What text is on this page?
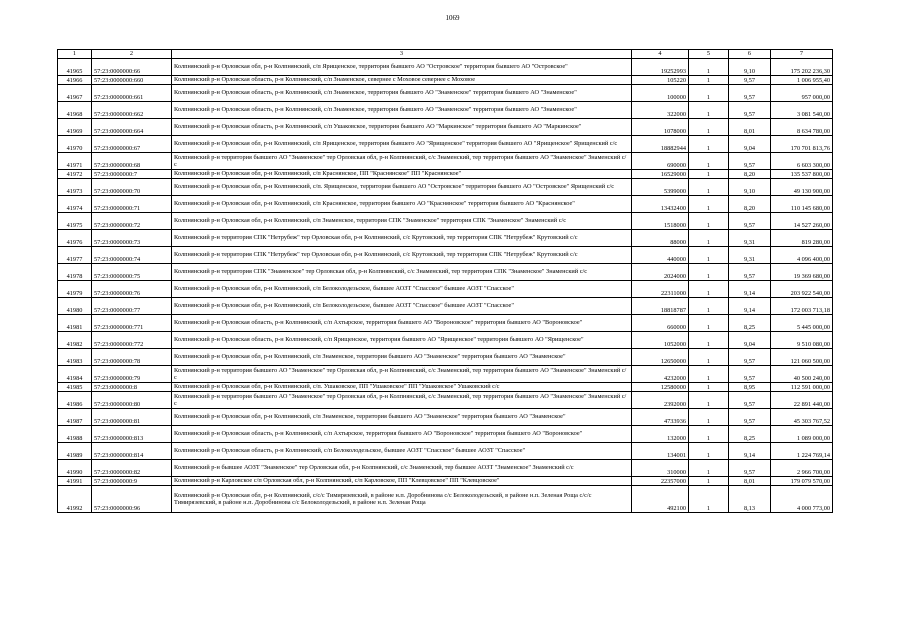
1069
1	2	3	4	5	6	7
41965	57:23:0000000:66	Колпнянский р-н Орловская обл, р-н Колпнянский, с/п Ярищенское, территория бывшего АО "Островское" территория бывшего АО "Островское"	19252993	1	9,10	175 202 236,30
41966	57:23:0000000:660	Колпнянский р-н Орловская область, р-н Колпнянский, с/п Знаменское, севернее с Моховое севернее с Моховое	105220	1	9,57	1 006 955,40
41967	57:23:0000000:661	Колпнянский р-н Орловская область, р-н Колпнянский, с/п Знаменское, территория бывшего АО "Знаменское" территория бывшего АО "Знаменское"	100000	1	9,57	957 000,00
41968	57:23:0000000:662	Колпнянский р-н Орловская область, р-н Колпнянский, с/п Знаменское, территория бывшего АО "Знаменское" территория бывшего АО "Знаменское"	322000	1	9,57	3 081 540,00
41969	57:23:0000000:664	Колпнянский р-н Орловская область, р-н Колпнянский, с/п Ушаковское, территория бывшего АО "Маркинское" территория бывшего АО "Маркинское"	1078000	1	8,01	8 634 780,00
41970	57:23:0000000:67	Колпнянский р-н Орловская обл, р-н Колпнянский, с/п Ярищенское, территория бывшего АО "Ярищенское" территория бывшего АО "Ярищенское" Ярищенский с/с	18882944	1	9,04	170 701 813,76
41971	57:23:0000000:68	Колпнянский р-н территория бывшего АО "Знаменское" тер Орловская обл, р-н Колпнянский, с/с Знаменский, тер территория бывшего АО "Знаменское" Знаменский с/с	690000	1	9,57	6 603 300,00
41972	57:23:0000000:7	Колпнянский р-н Орловская обл, р-н Колпнянский, с/п Краснянское, ПП "Краснянское" ПП "Краснянское"	16529000	1	8,20	135 537 800,00
41973	57:23:0000000:70	Колпнянский р-н Орловская обл, р-н Колпнянский, с/п. Ярищенское, территория бывшего АО "Островское" территория бывшего АО "Островское" Ярищенский с/с	5399000	1	9,10	49 130 900,00
41974	57:23:0000000:71	Колпнянский р-н Орловская обл, р-н Колпнянский, с/п Краснянское, территория бывшего АО "Краснянское" территория бывшего АО "Краснянское"	13432400	1	8,20	110 145 680,00
41975	57:23:0000000:72	Колпнянский р-н Орловская обл, р-н Колпнянский, с/п Знаменское, территория СПК "Знаменское" территория СПК "Знаменское" Знаменский с/с	1518000	1	9,57	14 527 260,00
41976	57:23:0000000:73	Колпнянский р-н территория СПК "Нетрубеж" тер Орловская обл, р-н Колпнянский, с/с Крутовский, тер территория СПК "Нетрубеж" Крутовский с/с	88000	1	9,31	819 280,00
41977	57:23:0000000:74	Колпнянский р-н территория СПК "Нетрубеж" тер Орловская обл, р-н Колпнянский, с/с Крутовский, тер территория СПК "Нетрубеж" Крутовский с/с	440000	1	9,31	4 096 400,00
41978	57:23:0000000:75	Колпнянский р-н территория СПК "Знаменское" тер Орловская обл, р-н Колпнянский, с/с Знаменский, тер территория СПК "Знаменское" Знаменский с/с	2024000	1	9,57	19 369 680,00
41979	57:23:0000000:76	Колпнянский р-н Орловская обл, р-н Колпнянский, с/п Белоколодезьское, бывшее АОЗТ "Спасское" бывшее АОЗТ "Спасское"	22311000	1	9,14	203 922 540,00
41980	57:23:0000000:77	Колпнянский р-н Орловская обл, р-н Колпнянский, с/п Белоколодезьское, бывшее АОЗТ "Спасское" бывшее АОЗТ "Спасское"	18818787	1	9,14	172 003 713,18
41981	57:23:0000000:771	Колпнянский р-н Орловская область, р-н Колпнянский, с/п Ахтырское, территория бывшего АО "Вороновское" территория бывшего АО "Вороновское"	660000	1	8,25	5 445 000,00
41982	57:23:0000000:772	Колпнянский р-н Орловская область, р-н Колпнянский, с/п Ярищенское, территория бывшего АО "Ярищенское" территория бывшего АО "Ярищенское"	1052000	1	9,04	9 510 080,00
41983	57:23:0000000:78	Колпнянский р-н Орловская обл, р-н Колпнянский, с/п Знаменское, территория бывшего АО "Знаменское" территория бывшего АО "Знаменское"	12650000	1	9,57	121 060 500,00
41984	57:23:0000000:79	Колпнянский р-н территория бывшего АО "Знаменское" тер Орловская обл, р-н Колпнянский, с/с Знаменский, тер территория бывшего АО "Знаменское" Знаменский с/с	4232000	1	9,57	40 500 240,00
41985	57:23:0000000:8	Колпнянский р-н Орловская обл, р-н Колпнянский, с/п. Ушаковское, ПП "Ушаковское" ПП "Ушаковское" Ушаковский с/с	12580000	1	8,95	112 591 000,00
41986	57:23:0000000:80	Колпнянский р-н территория бывшего АО "Знаменское" тер Орловская обл, р-н Колпнянский, с/с Знаменский, тер территория бывшего АО "Знаменское" Знаменский с/с	2392000	1	9,57	22 891 440,00
41987	57:23:0000000:81	Колпнянский р-н Орловская обл, р-н Колпнянский, с/п Знаменское, территория бывшего АО "Знаменское" территория бывшего АО "Знаменское"	4733936	1	9,57	45 303 767,52
41988	57:23:0000000:813	Колпнянский р-н Орловская область, р-н Колпнянский, с/п Ахтырское, территория бывшего АО "Вороновское" территория бывшего АО "Вороновское"	132000	1	8,25	1 089 000,00
41989	57:23:0000000:814	Колпнянский р-н Орловская область, р-н Колпнянский, с/п Белоколодезьское, бывшее АОЗТ "Спасское" бывшее АОЗТ "Спасское"	134001	1	9,14	1 224 769,14
41990	57:23:0000000:82	Колпнянский р-н бывшее АОЗТ "Знаменское" тер Орловская обл, р-н Колпнянский, с/с Знаменский, тер бывшее АОЗТ "Знаменское" Знаменский с/с	310000	1	9,57	2 966 700,00
41991	57:23:0000000:9	Колпнянский р-н Карловское с/п Орловская обл, р-н Колпнянский, с/п Карловское, ПП "Клевцовское" ПП "Клевцовское"	22357000	1	8,01	179 079 570,00
41992	57:23:0000000:96	Колпнянский р-н Орловская обл, р-н Колпнянский, с/с/с Тимирязевский, в районе н.п. Доробнинова с/с Белоколодезьский, в районе н.п. Зеленая Роща с/с/с Тимирязевский, в районе н.п. Доробнинова с/с Белоколодезьский, в районе н.п. Зеленая Роща	492100	1	8,13	4 000 773,00
